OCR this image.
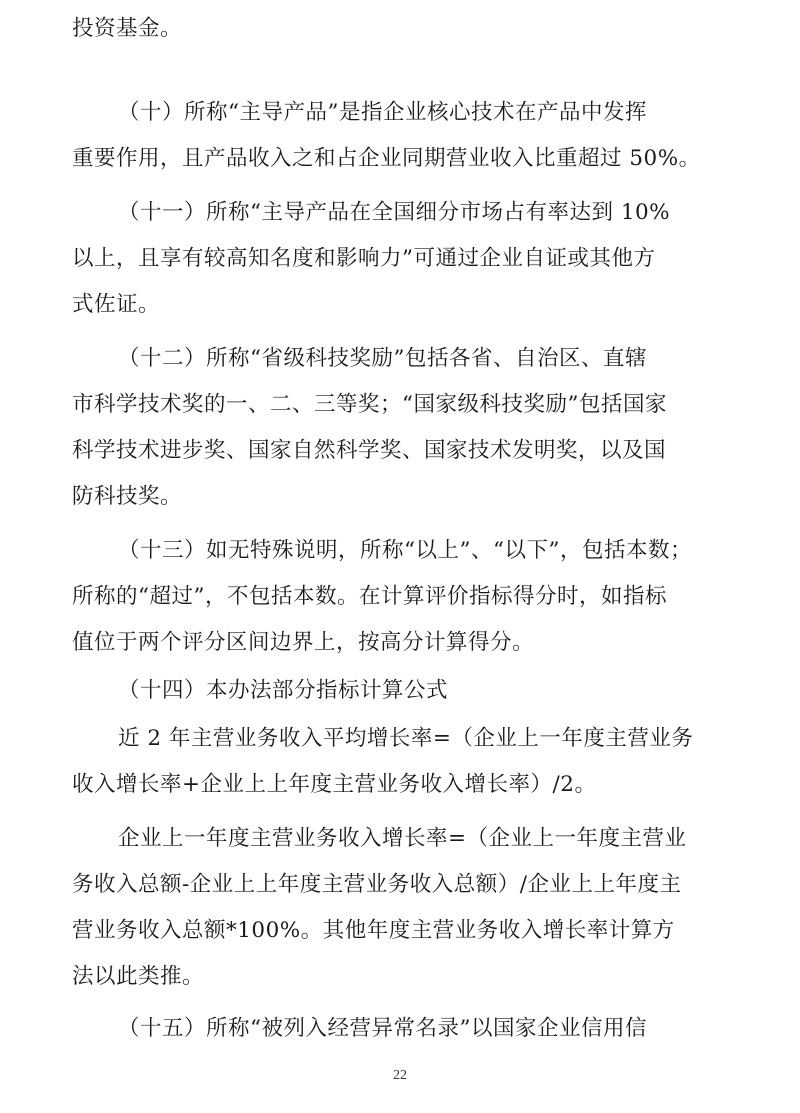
投资基金。
（十）所称“主导产品”是指企业核心技术在产品中发挥
重要作用，且产品收入之和占企业同期营业收入比重超过 50%。
（十一）所称“主导产品在全国细分市场占有率达到 10%
以上，且享有较高知名度和影响力”可通过企业自证或其他方
式佐证。
（十二）所称“省级科技奖励”包括各省、自治区、直辖
市科学技术奖的一、二、三等奖；“国家级科技奖励”包括国家
科学技术进步奖、国家自然科学奖、国家技术发明奖，以及国
防科技奖。
（十三）如无特殊说明，所称“以上”、“以下”，包括本数；
所称的“超过”，不包括本数。在计算评价指标得分时，如指标
值位于两个评分区间边界上，按高分计算得分。
（十四）本办法部分指标计算公式
近 2 年主营业务收入平均增长率=（企业上一年度主营业务
收入增长率+企业上上年度主营业务收入增长率）/2。
企业上一年度主营业务收入增长率=（企业上一年度主营业
务收入总额-企业上上年度主营业务收入总额）/企业上上年度主
营业务收入总额*100%。其他年度主营业务收入增长率计算方
法以此类推。
（十五）所称“被列入经营异常名录”以国家企业信用信
22
